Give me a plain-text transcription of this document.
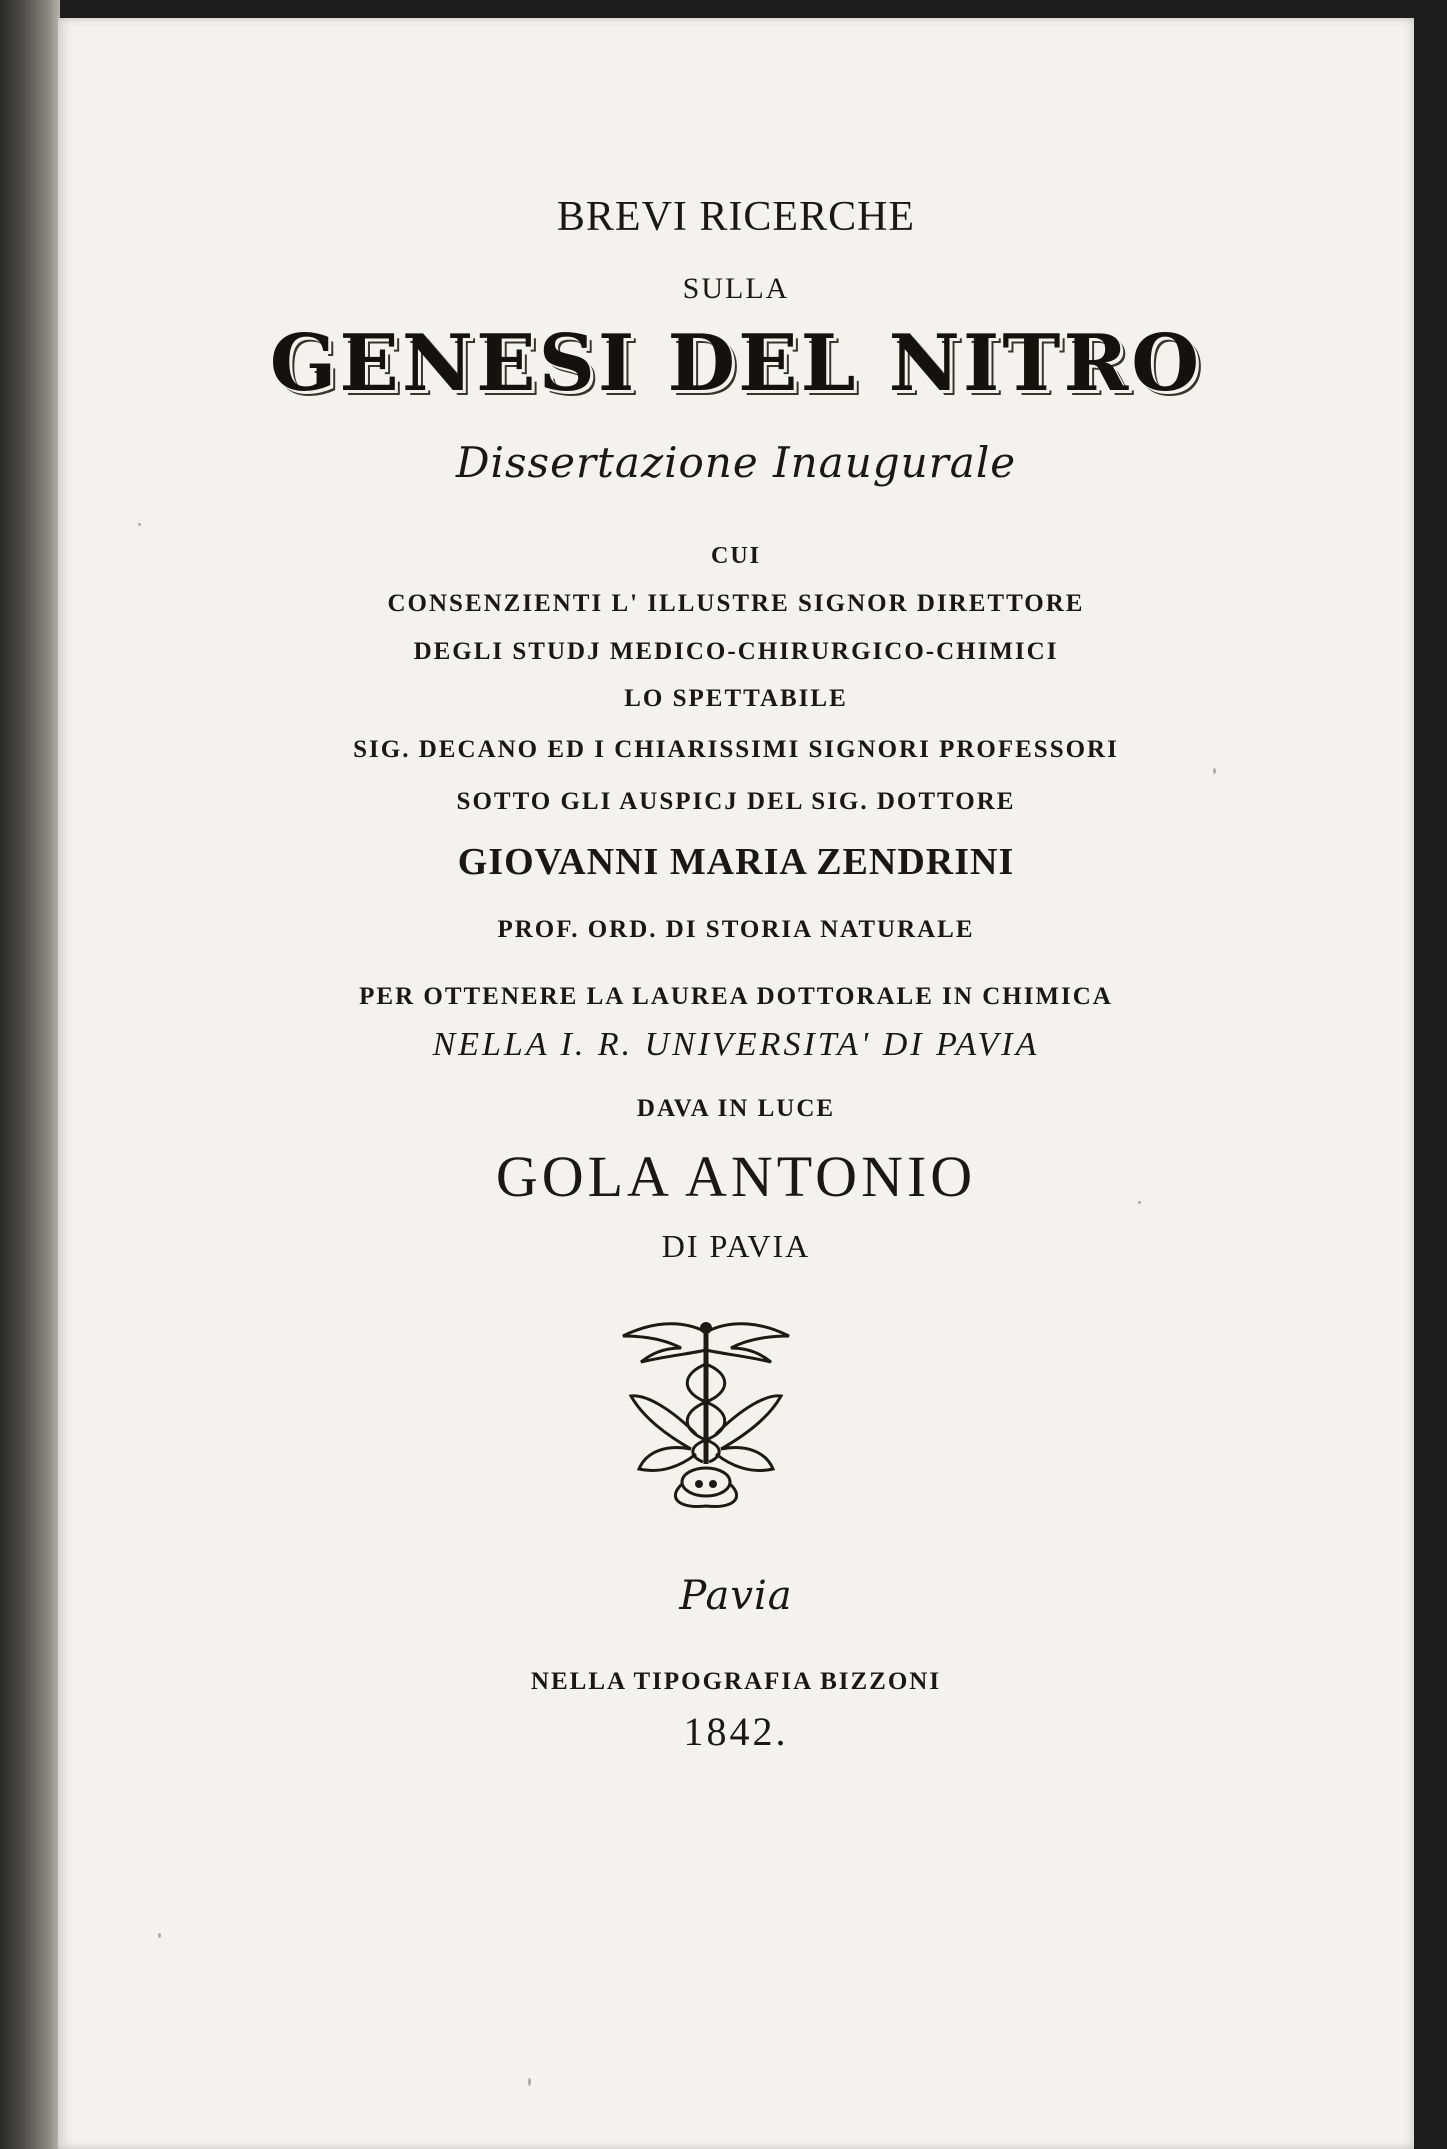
BREVI RICERCHE
SULLA
GENESI DEL NITRO
Dissertazione Inaugurale
CUI
CONSENZIENTI L' ILLUSTRE SIGNOR DIRETTORE
DEGLI STUDJ MEDICO-CHIRURGICO-CHIMICI
LO SPETTABILE
SIG. DECANO ED I CHIARISSIMI SIGNORI PROFESSORI
SOTTO GLI AUSPICJ DEL SIG. DOTTORE
GIOVANNI MARIA ZENDRINI
PROF. ORD. DI STORIA NATURALE
PER OTTENERE LA LAUREA DOTTORALE IN CHIMICA
NELLA I. R. UNIVERSITA' DI PAVIA
DAVA IN LUCE
GOLA ANTONIO
DI PAVIA
Pavia
NELLA TIPOGRAFIA BIZZONI
1842.
